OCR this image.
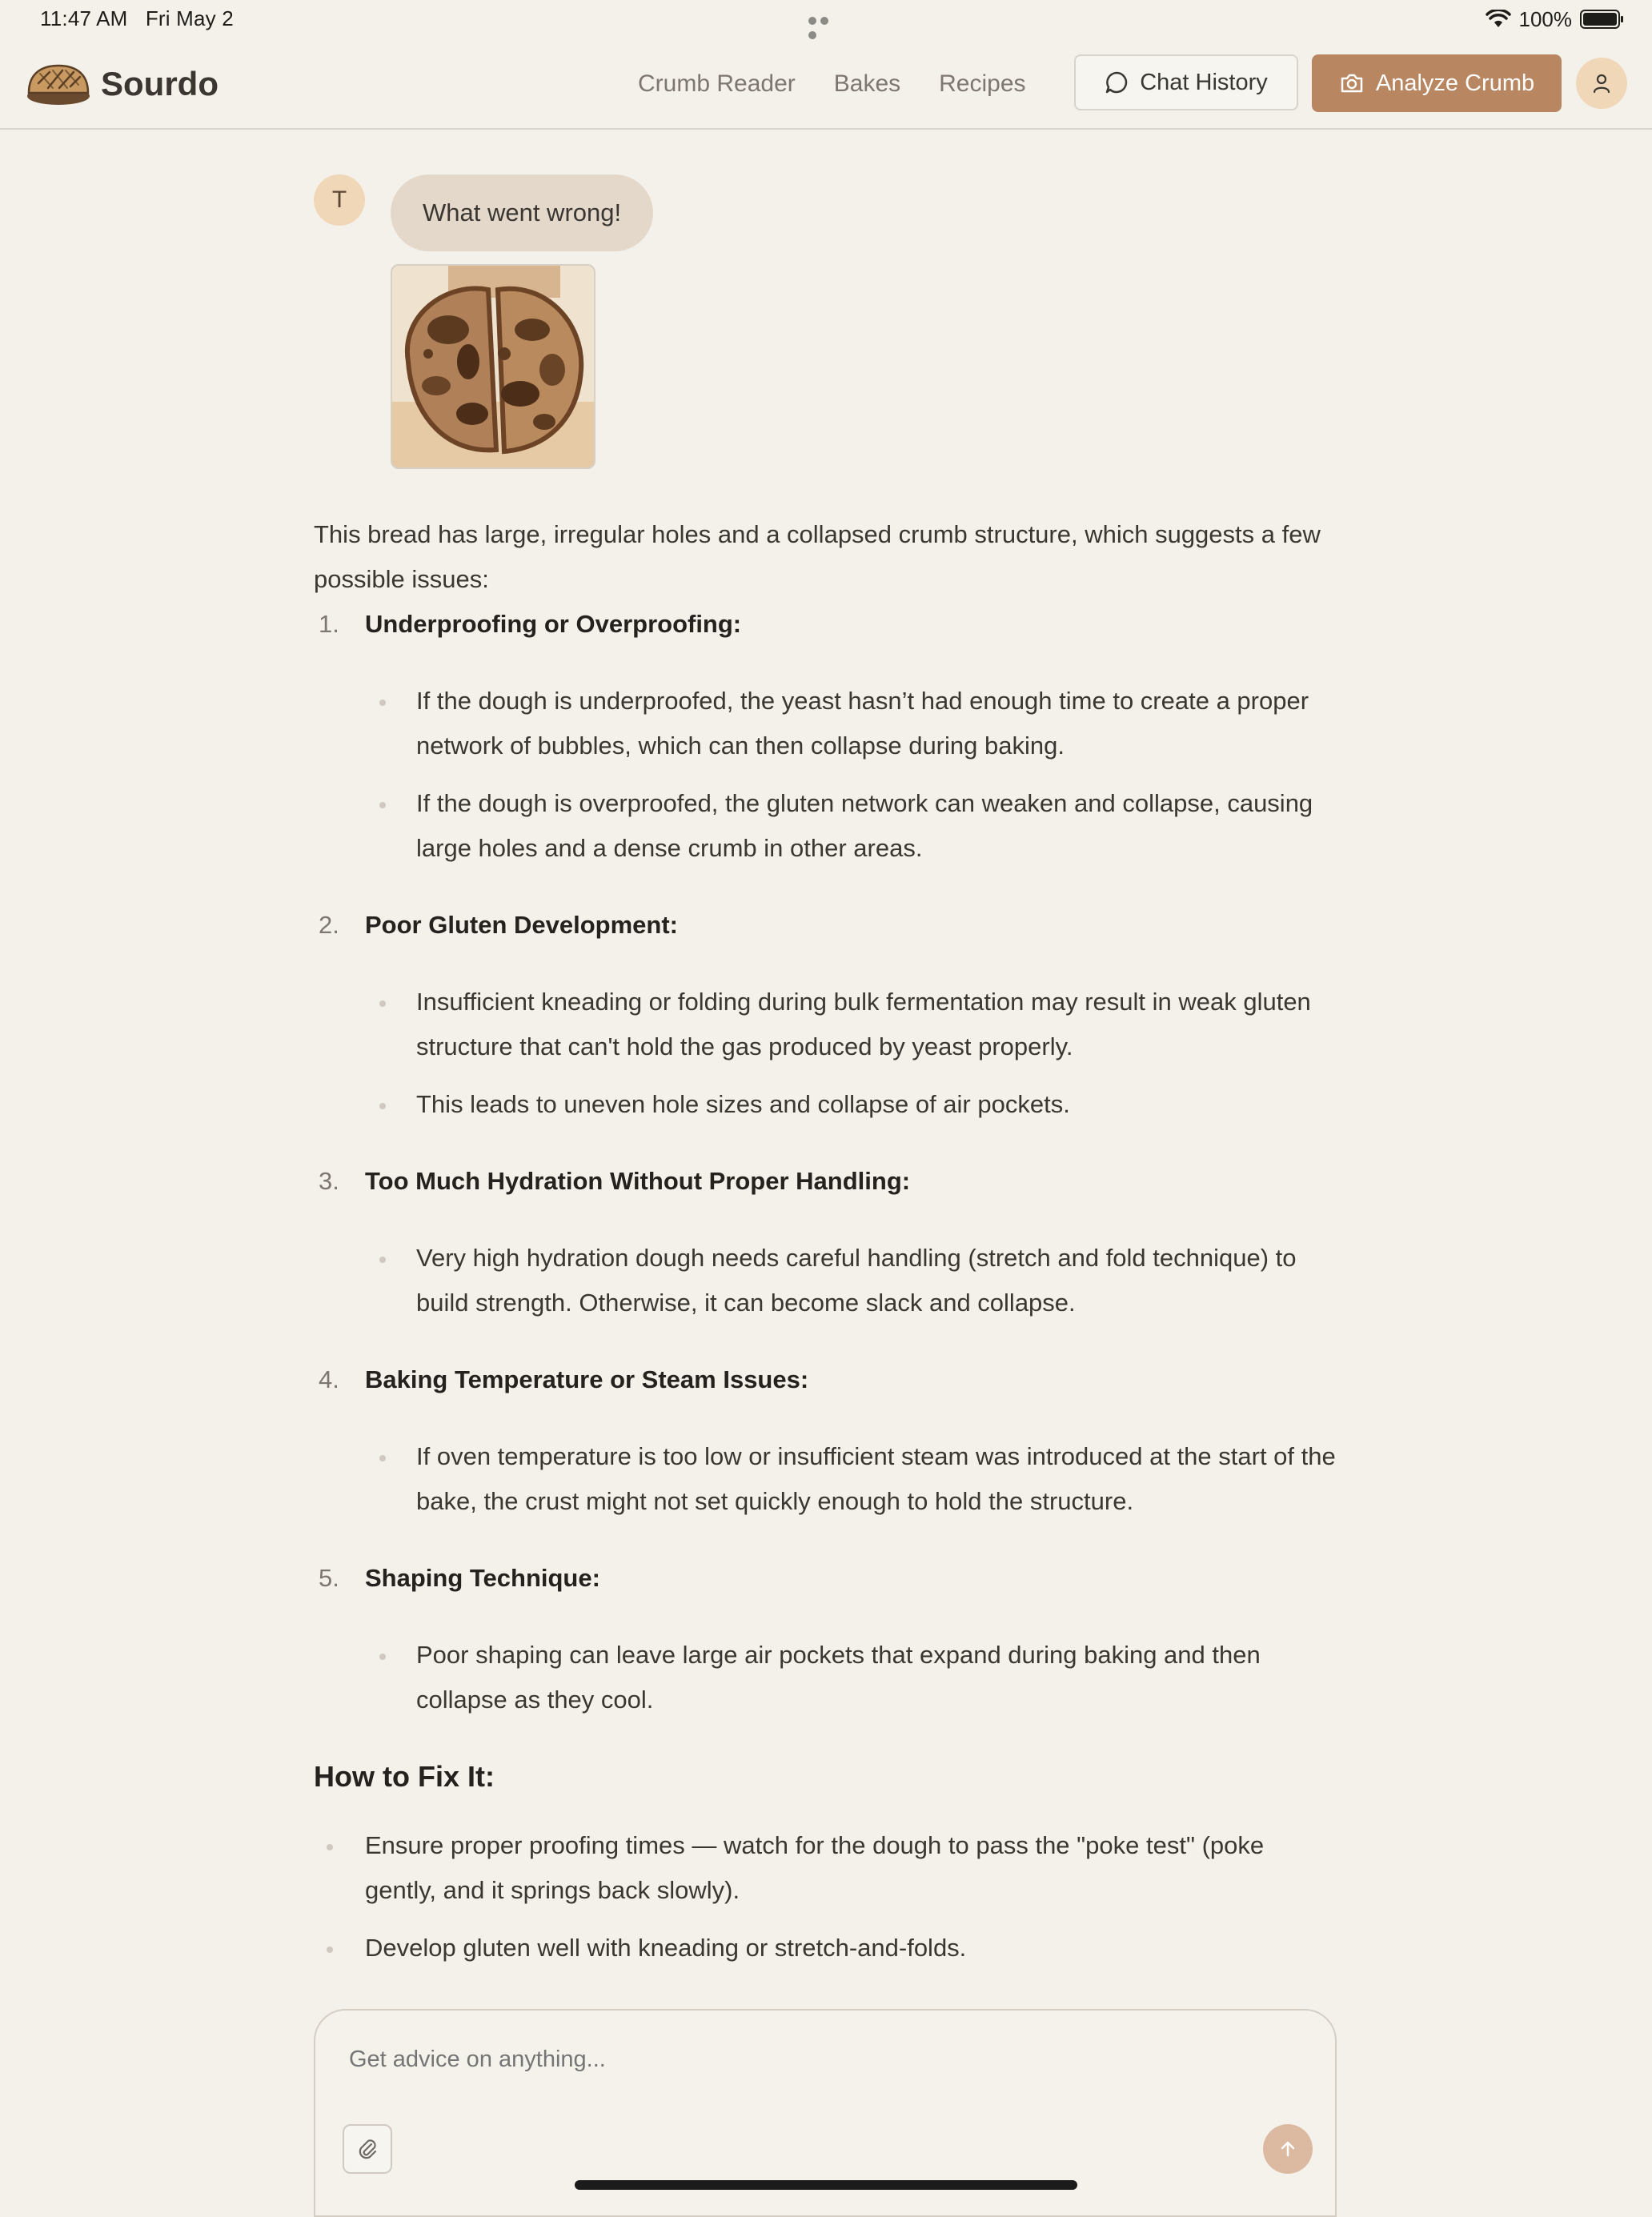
11:47 AM Fri May 2	100%
Sourdo	Crumb Reader Bakes Recipes	Chat History	Analyze Crumb
T	What went wrong!

This bread has large, irregular holes and a collapsed crumb structure, which suggests a few possible issues:

1. Underproofing or Overproofing:
If the dough is underproofed, the yeast hasn’t had enough time to create a proper network of bubbles, which can then collapse during baking.
If the dough is overproofed, the gluten network can weaken and collapse, causing large holes and a dense crumb in other areas.
2. Poor Gluten Development:
Insufficient kneading or folding during bulk fermentation may result in weak gluten structure that can't hold the gas produced by yeast properly.
This leads to uneven hole sizes and collapse of air pockets.
3. Too Much Hydration Without Proper Handling:
Very high hydration dough needs careful handling (stretch and fold technique) to build strength. Otherwise, it can become slack and collapse.
4. Baking Temperature or Steam Issues:
If oven temperature is too low or insufficient steam was introduced at the start of the bake, the crust might not set quickly enough to hold the structure.
5. Shaping Technique:
Poor shaping can leave large air pockets that expand during baking and then collapse as they cool.
How to Fix It:
Ensure proper proofing times — watch for the dough to pass the "poke test" (poke gently, and it springs back slowly).
Develop gluten well with kneading or stretch-and-folds.
Get advice on anything...
